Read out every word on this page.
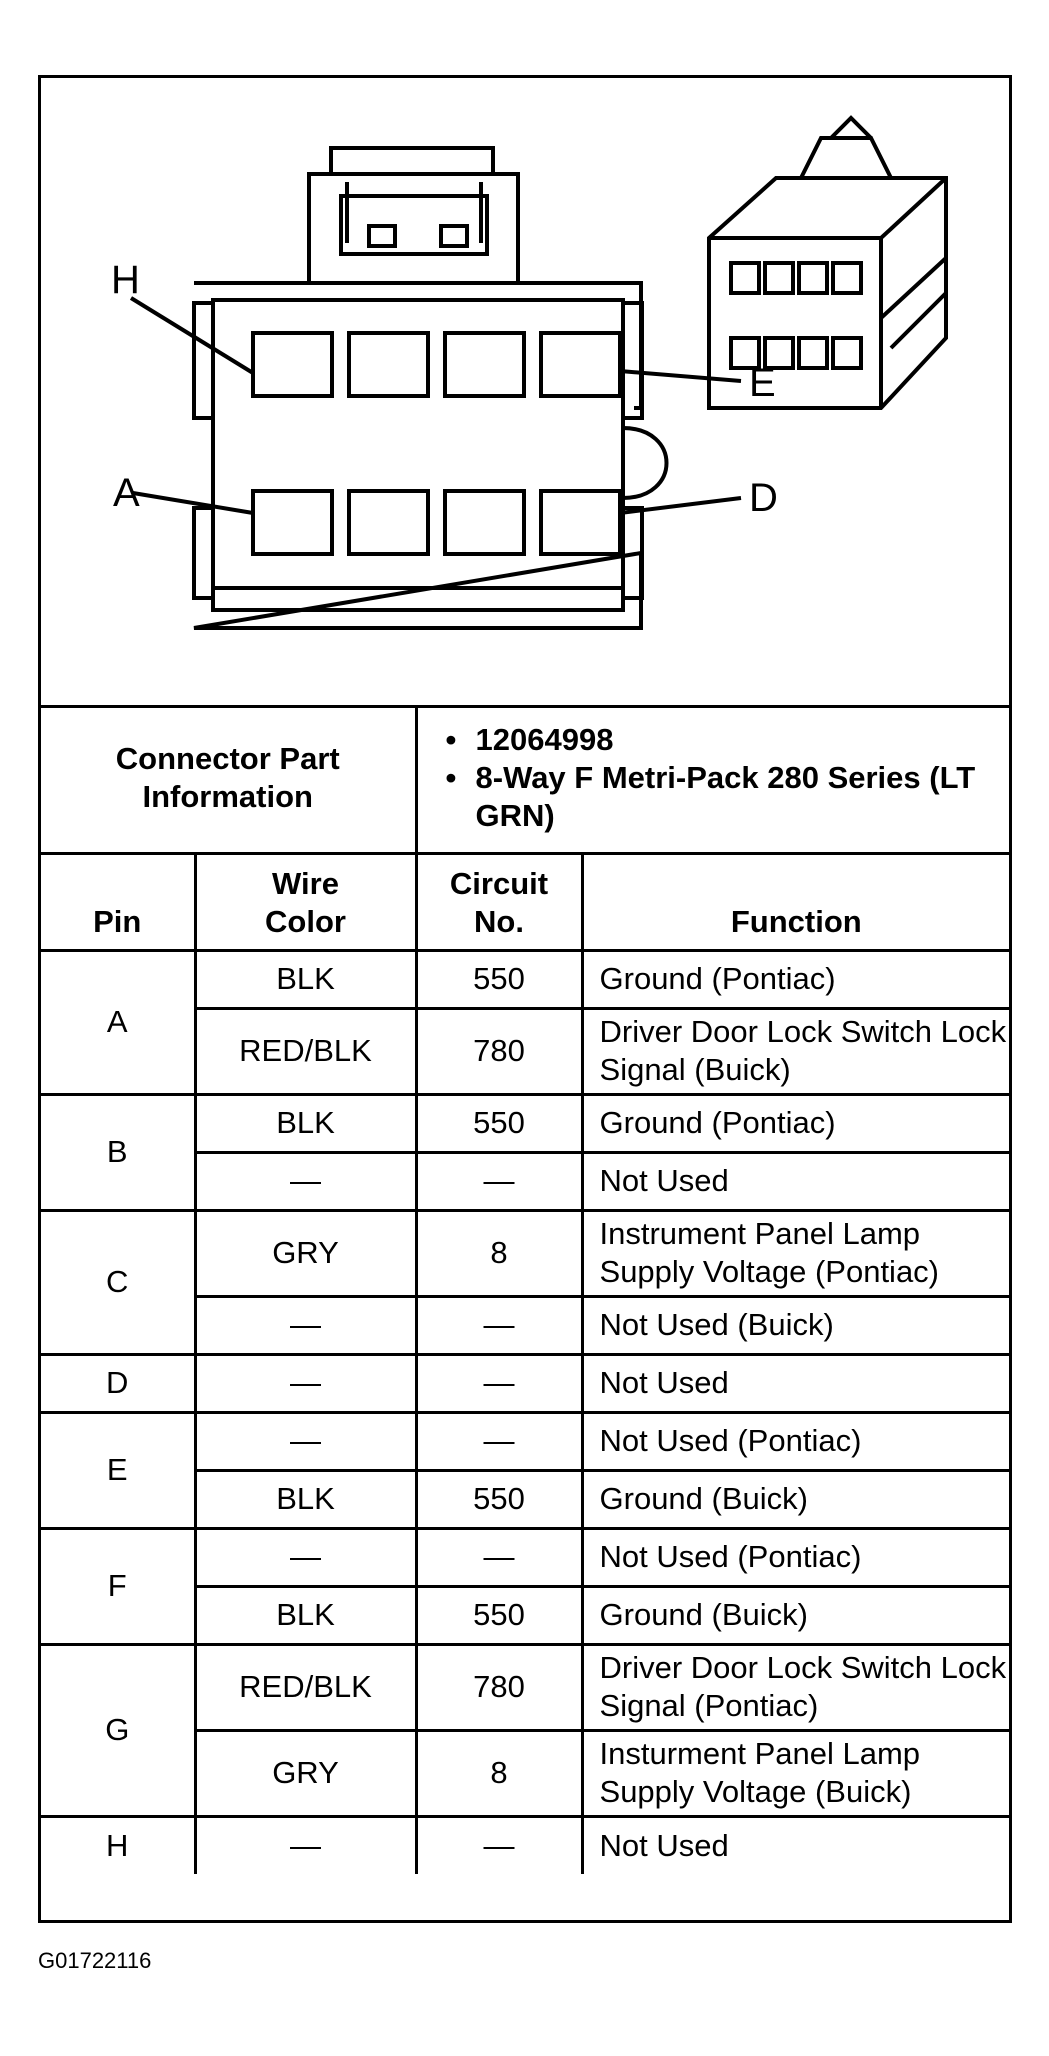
H
E
A	D
Connector Part Information		• 12064998
• 8-Way F Metri-Pack 280 Series (LT GRN)

Pin	Wire Color	Circuit No.	Function
A	BLK	550	Ground (Pontiac)
	RED/BLK	780	Driver Door Lock Switch Lock Signal (Buick)
B	BLK	550	Ground (Pontiac)
	—	—	Not Used
C	GRY	8	Instrument Panel Lamp Supply Voltage (Pontiac)
	—	—	Not Used (Buick)
D	—	—	Not Used
E	—	—	Not Used (Pontiac)
	BLK	550	Ground (Buick)
F	—	—	Not Used (Pontiac)
	BLK	550	Ground (Buick)
G	RED/BLK	780	Driver Door Lock Switch Lock Signal (Pontiac)
	GRY	8	Insturment Panel Lamp Supply Voltage (Buick)
H	—	—	Not Used
G01722116
